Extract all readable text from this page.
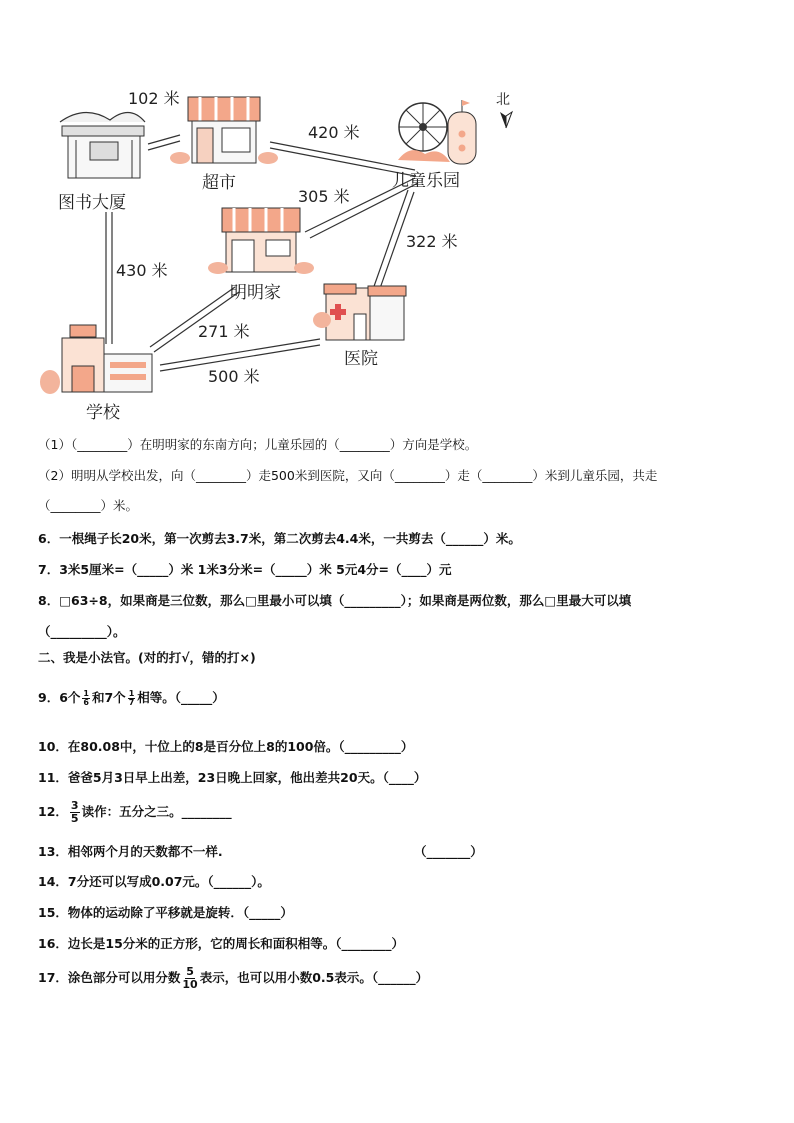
北
图书大厦
超市	儿童乐园
明明家
医院
学校
102 米
420 米
305 米
322 米
430 米
271 米
500 米
（1）（________）在明明家的东南方向；儿童乐园的（________）方向是学校。
（2）明明从学校出发，向（________）走500米到医院，又向（________）走（________）米到儿童乐园，共走
（________）米。
6．一根绳子长20米，第一次剪去3.7米，第二次剪去4.4米，一共剪去（______）米。
7．3米5厘米=（_____）米 1米3分米=（_____）米 5元4分=（____）元
8．□63÷8，如果商是三位数，那么□里最小可以填（_________）；如果商是两位数，那么□里最大可以填
（_________）。
二、我是小法官。(对的打√，错的打×)
9．6个 $\frac{1}{6}$ 和7个 $\frac{1}{7}$ 相等。（_____）
10．在80.08中，十位上的8是百分位上8的100倍。（_________）
11．爸爸5月3日早上出差，23日晚上回家，他出差共20天。（____）
12． $\frac{3}{5}$ 读作：五分之三。________
13．相邻两个月的天数都不一样.	（_______）
14．7分还可以写成0.07元。（______）。
15．物体的运动除了平移就是旋转．（_____）
16．边长是15分米的正方形，它的周长和面积相等。（________）
17．涂色部分可以用分数 $\frac{5}{10}$ 表示，也可以用小数0.5表示。（______）
